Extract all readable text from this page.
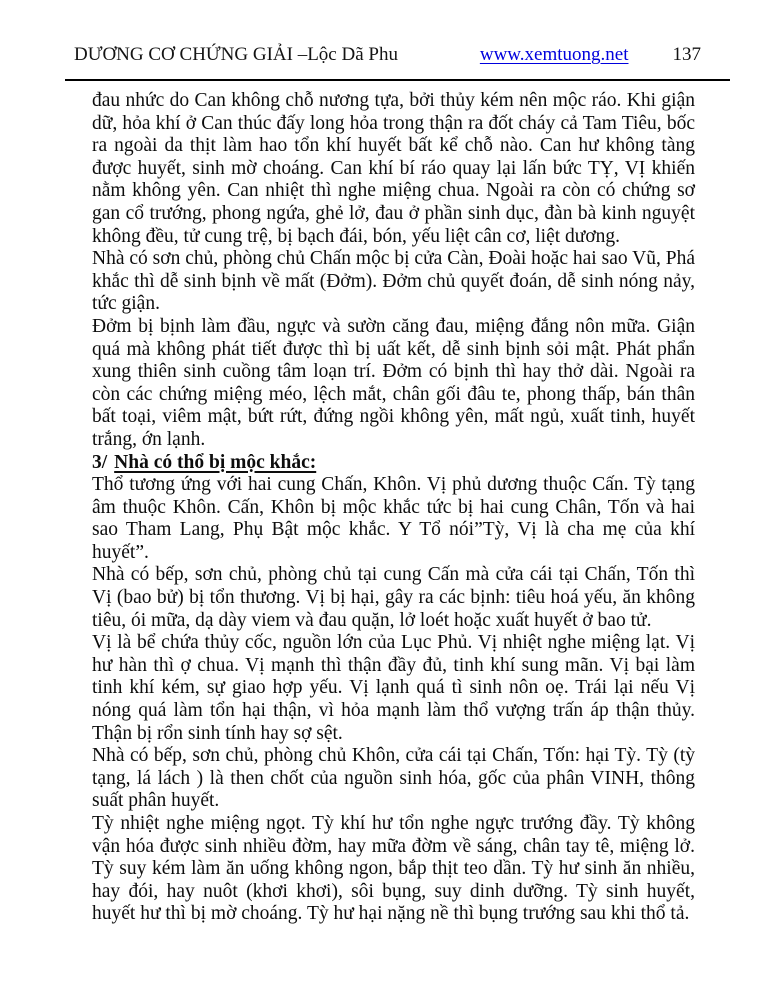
DƯƠNG CƠ CHỨNG GIẢI –Lộc Dã Phu	www.xemtuong.net 137

đau nhức do Can không chỗ nương tựa, bởi thủy kém nên mộc ráo. Khi giận dữ, hỏa khí ở Can thúc đấy long hỏa trong thận ra đốt cháy cả Tam Tiêu, bốc ra ngoài da thịt làm hao tổn khí huyết bất kể chỗ nào. Can hư không tàng được huyết, sinh mờ choáng. Can khí bí ráo quay lại lấn bức TỴ, VỊ khiến nằm không yên. Can nhiệt thì nghe miệng chua. Ngoài ra còn có chứng sơ gan cổ trướng, phong ngứa, ghẻ lở, đau ở phần sinh dục, đàn bà kinh nguyệt không đều, tử cung trệ, bị bạch đái, bón, yếu liệt cân cơ, liệt dương.

Nhà có sơn chủ, phòng chủ Chấn mộc bị cửa Càn, Đoài hoặc hai sao Vũ, Phá khắc thì dễ sinh bịnh về mất (Đởm). Đởm chủ quyết đoán, dễ sinh nóng nảy, tức giận.

Đởm bị bịnh làm đầu, ngực và sườn căng đau, miệng đắng nôn mữa. Giận quá mà không phát tiết được thì bị uất kết, dễ sinh bịnh sỏi mật. Phát phẩn xung thiên sinh cuồng tâm loạn trí. Đởm có bịnh thì hay thở dài. Ngoài ra còn các chứng miệng méo, lệch mắt, chân gối đâu te, phong thấp, bán thân bất toại, viêm mật, bứt rứt, đứng ngồi không yên, mất ngủ, xuất tinh, huyết trắng, ớn lạnh.

3/ Nhà có thổ bị mộc khắc:

Thổ tương ứng với hai cung Chấn, Khôn. Vị phủ dương thuộc Cấn. Tỳ tạng âm thuộc Khôn. Cấn, Khôn bị mộc khắc tức bị hai cung Chân, Tốn và hai sao Tham Lang, Phụ Bật mộc khắc. Y Tổ nói”Tỳ, Vị là cha mẹ của khí huyết”.

Nhà có bếp, sơn chủ, phòng chủ tại cung Cấn mà cửa cái tại Chấn, Tốn thì Vị (bao bử) bị tổn thương. Vị bị hại, gây ra các bịnh: tiêu hoá yếu, ăn không tiêu, ói mữa, dạ dày viem và đau quặn, lở loét hoặc xuất huyết ở bao tử.

Vị là bể chứa thủy cốc, nguồn lớn của Lục Phủ. Vị nhiệt nghe miệng lạt. Vị hư hàn thì ợ chua. Vị mạnh thì thận đầy đủ, tinh khí sung mãn. Vị bại làm tinh khí kém, sự giao hợp yếu. Vị lạnh quá tì sinh nôn oẹ. Trái lại nếu Vị nóng quá làm tổn hại thận, vì hỏa mạnh làm thổ vượng trấn áp thận thủy. Thận bị rổn sinh tính hay sợ sệt.

Nhà có bếp, sơn chủ, phòng chủ Khôn, cửa cái tại Chấn, Tốn: hại Tỳ. Tỳ (tỳ tạng, lá lách ) là then chốt của nguồn sinh hóa, gốc của phân VINH, thông suất phân huyết.

Tỳ nhiệt nghe miệng ngọt. Tỳ khí hư tổn nghe ngực trướng đầy. Tỳ không vận hóa được sinh nhiều đờm, hay mữa đờm về sáng, chân tay tê, miệng lở. Tỳ suy kém làm ăn uống không ngon, bắp thịt teo dần. Tỳ hư sinh ăn nhiều, hay đói, hay nuôt (khơi khơi), sôi bụng, suy dinh dưỡng. Tỳ sinh huyết, huyết hư thì bị mờ choáng. Tỳ hư hại nặng nề thì bụng trướng sau khi thổ tả.
